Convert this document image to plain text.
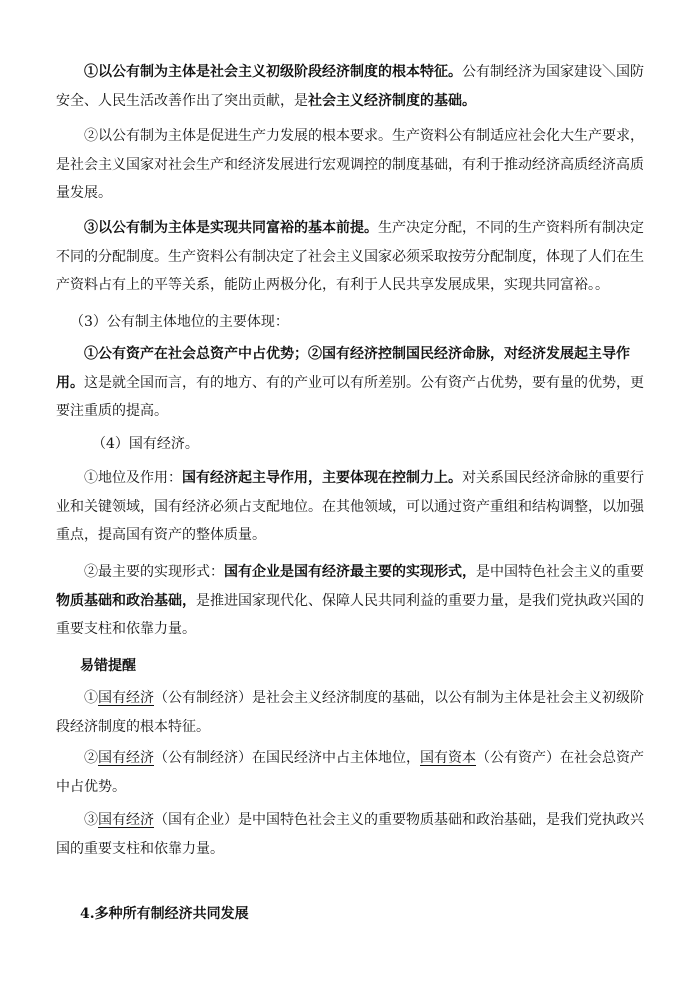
①以公有制为主体是社会主义初级阶段经济制度的根本特征。公有制经济为国家建设＼国防安全、人民生活改善作出了突出贡献，是社会主义经济制度的基础。

②以公有制为主体是促进生产力发展的根本要求。生产资料公有制适应社会化大生产要求，是社会主义国家对社会生产和经济发展进行宏观调控的制度基础，有利于推动经济高质经济高质量发展。

③以公有制为主体是实现共同富裕的基本前提。生产决定分配，不同的生产资料所有制决定不同的分配制度。生产资料公有制决定了社会主义国家必须采取按劳分配制度，体现了人们在生产资料占有上的平等关系，能防止两极分化，有利于人民共享发展成果，实现共同富裕。。

（3）公有制主体地位的主要体现：

①公有资产在社会总资产中占优势；②国有经济控制国民经济命脉，对经济发展起主导作用。这是就全国而言，有的地方、有的产业可以有所差别。公有资产占优势，要有量的优势，更要注重质的提高。

（4）国有经济。

①地位及作用：国有经济起主导作用，主要体现在控制力上。对关系国民经济命脉的重要行业和关键领域，国有经济必须占支配地位。在其他领域，可以通过资产重组和结构调整，以加强重点，提高国有资产的整体质量。

②最主要的实现形式：国有企业是国有经济最主要的实现形式，是中国特色社会主义的重要物质基础和政治基础，是推进国家现代化、保障人民共同利益的重要力量，是我们党执政兴国的重要支柱和依靠力量。

易错提醒

①国有经济（公有制经济）是社会主义经济制度的基础，以公有制为主体是社会主义初级阶段经济制度的根本特征。

②国有经济（公有制经济）在国民经济中占主体地位，国有资本（公有资产）在社会总资产中占优势。

③国有经济（国有企业）是中国特色社会主义的重要物质基础和政治基础，是我们党执政兴国的重要支柱和依靠力量。

4.多种所有制经济共同发展
